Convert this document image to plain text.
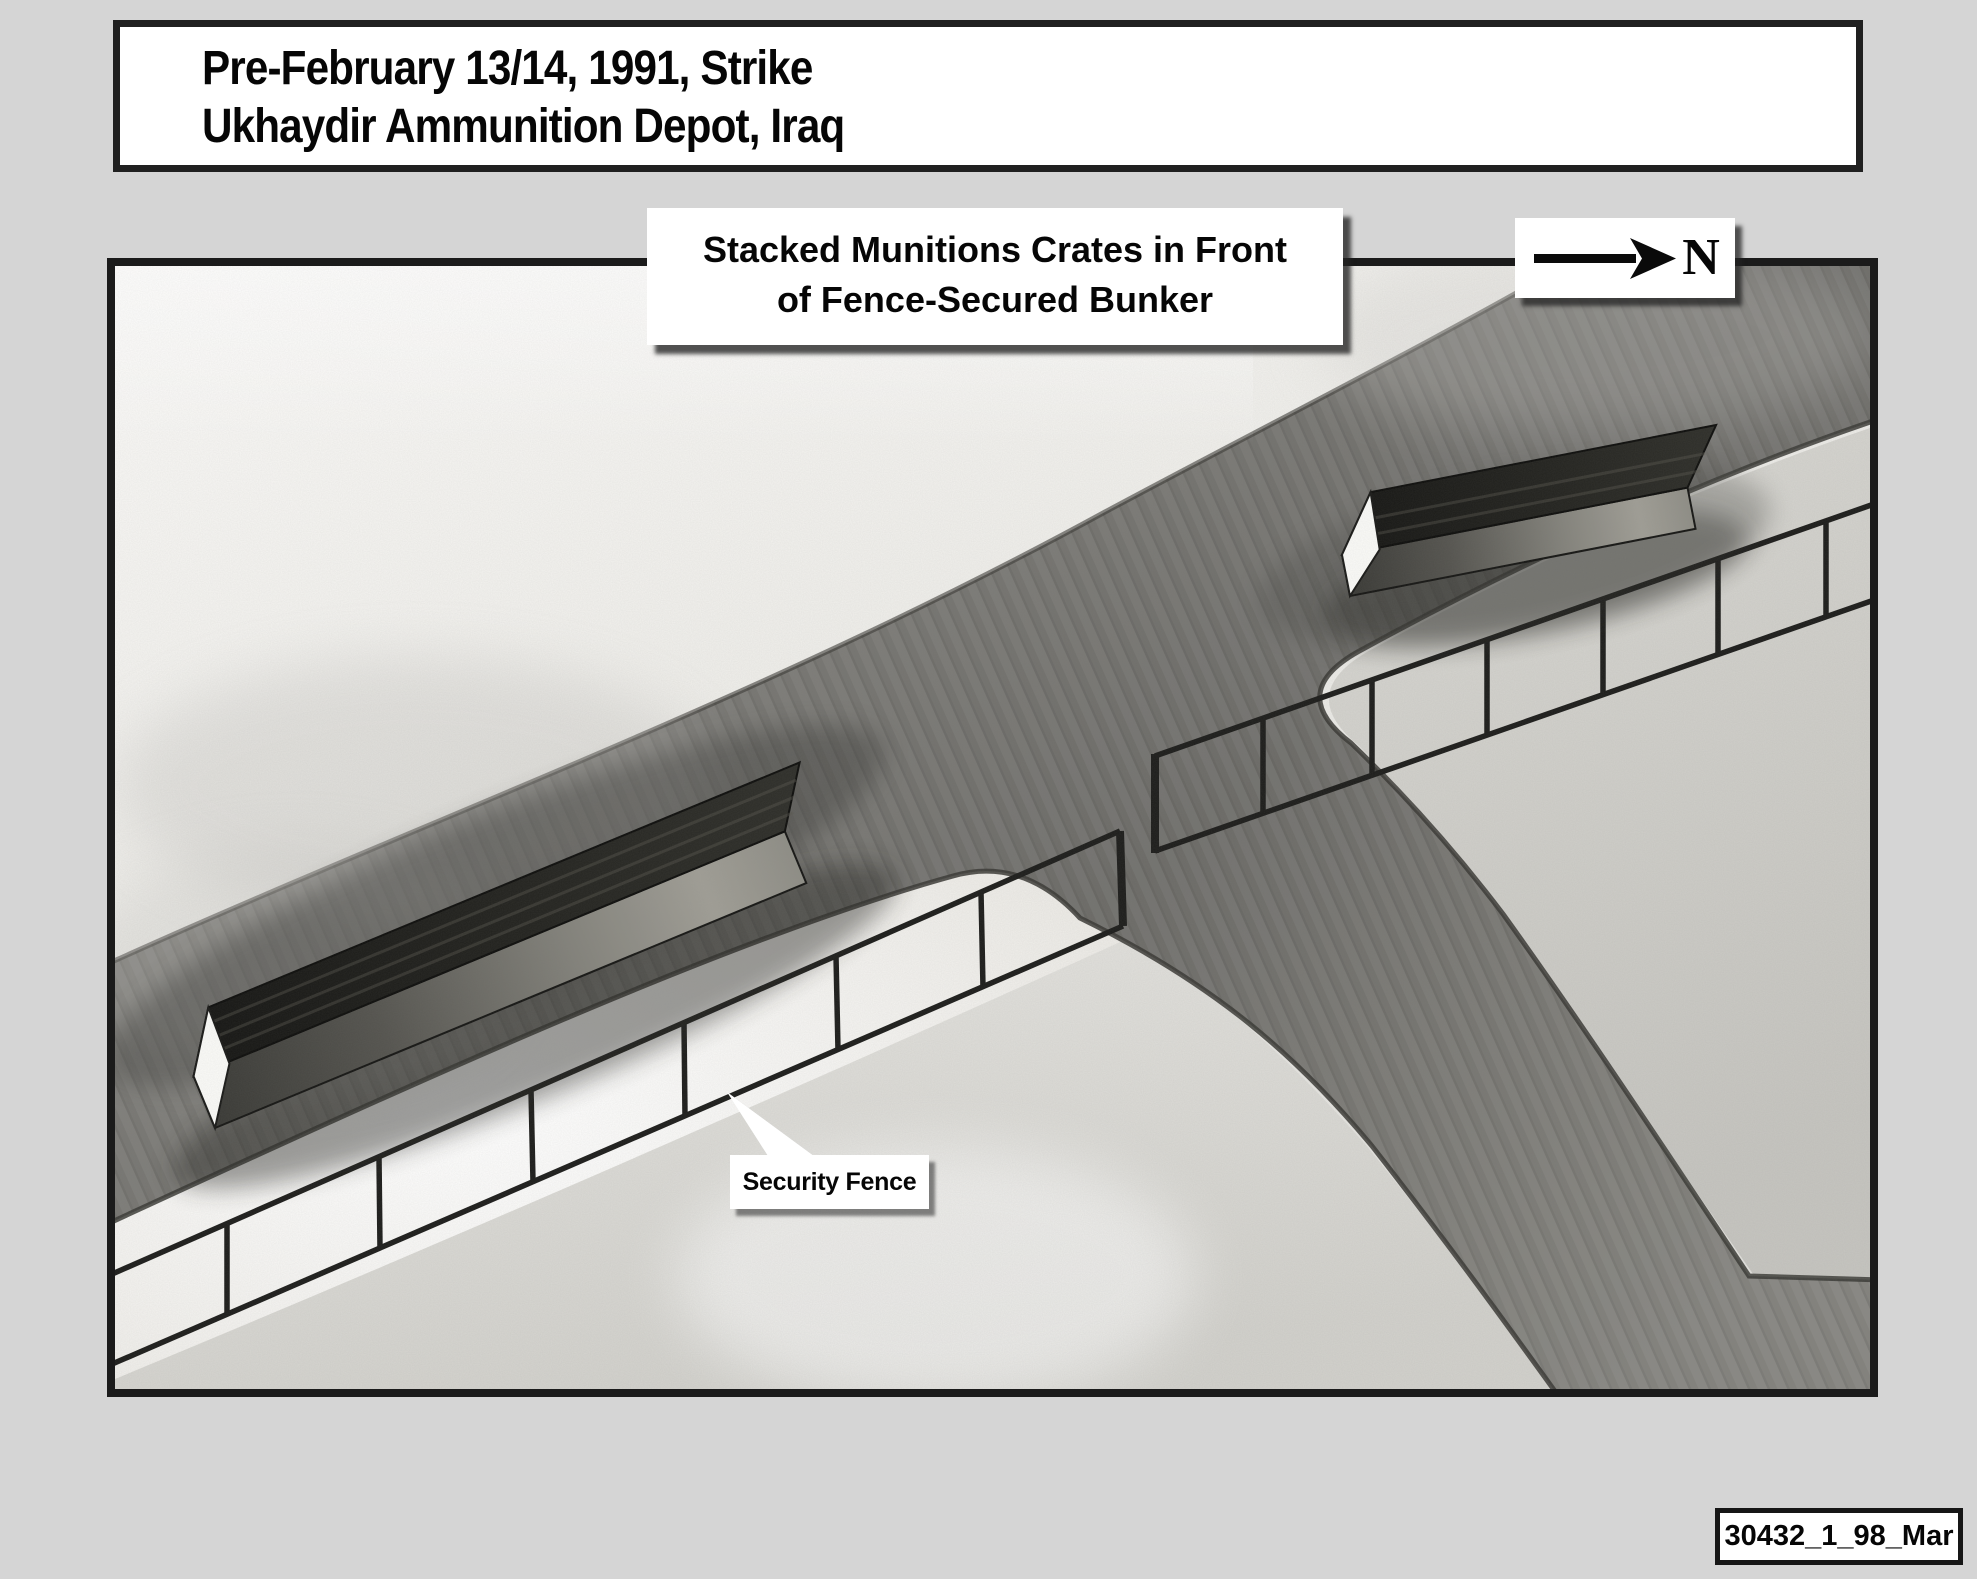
Pre-February 13/14, 1991, Strike
Ukhaydir Ammunition Depot, Iraq
Stacked Munitions Crates in Front
of Fence-Secured Bunker
N
Security Fence
30432_1_98_Mar
